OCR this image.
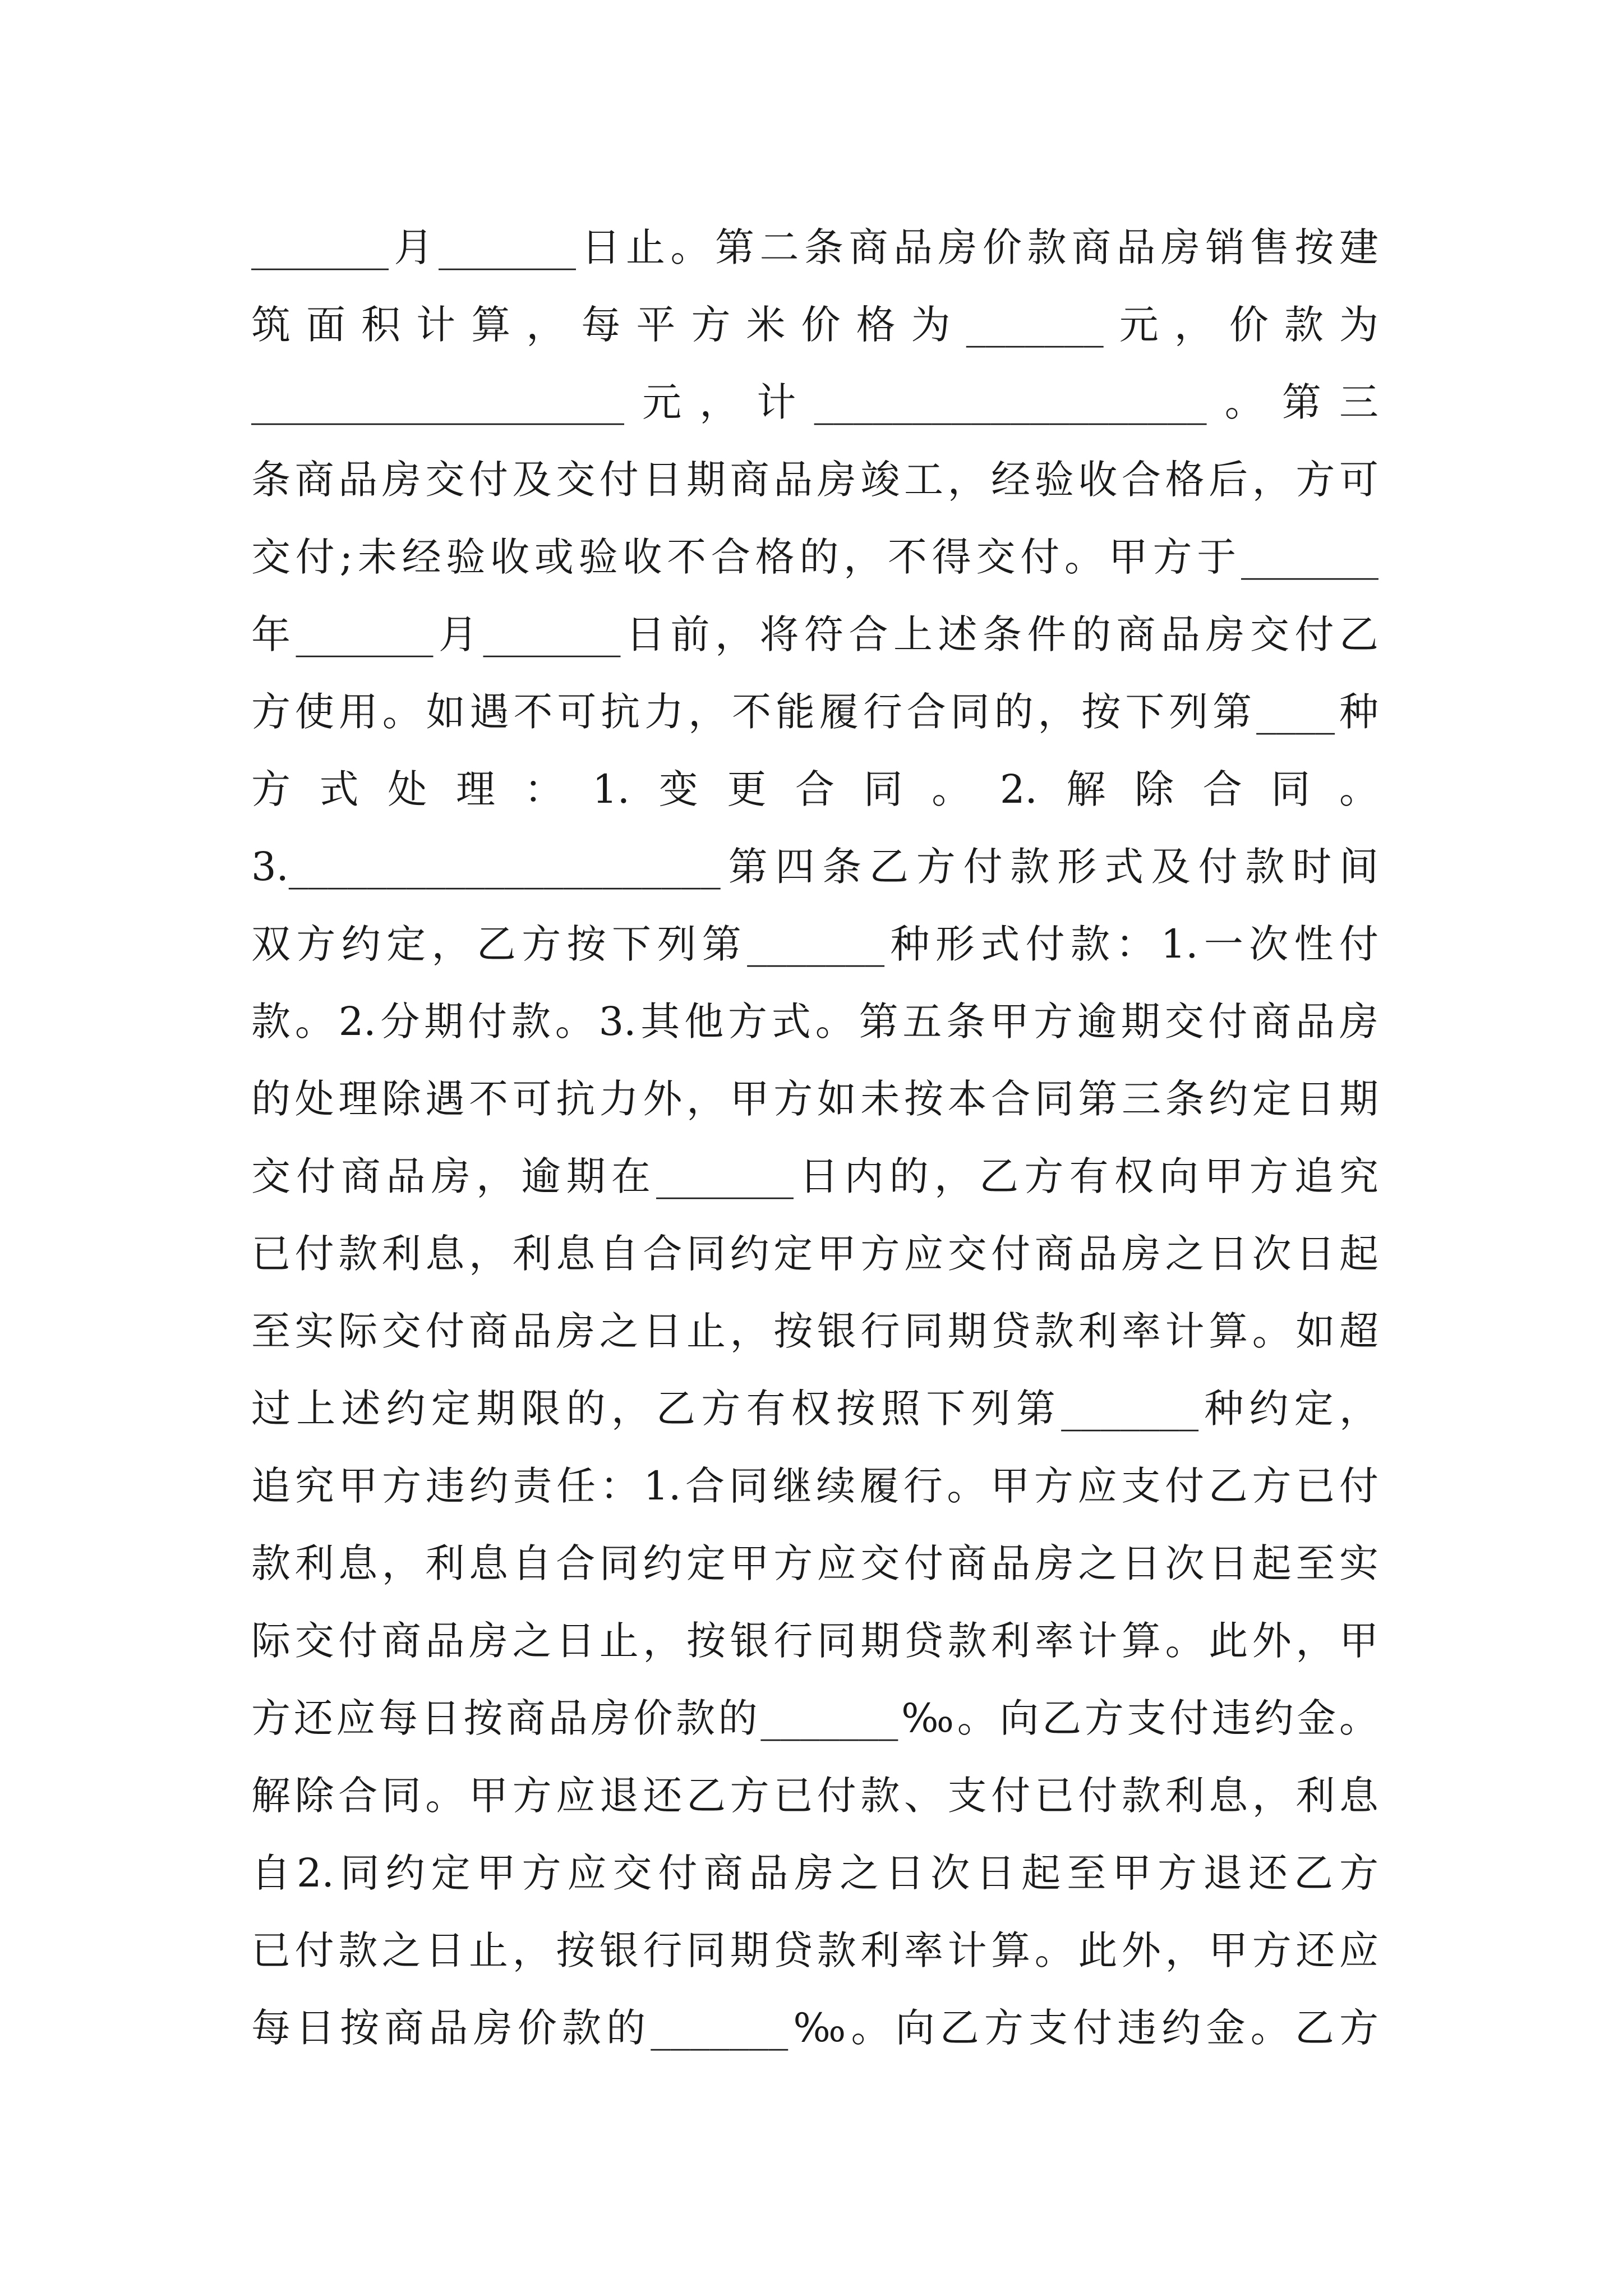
_______月_______日止。第二条商品房价款商品房销售按建
筑面积计算，每平方米价格为_______元，价款为
___________________元，计____________________。第三
条商品房交付及交付日期商品房竣工，经验收合格后，方可
交付;未经验收或验收不合格的，不得交付。甲方于_______
年_______月_______日前，将符合上述条件的商品房交付乙
方使用。如遇不可抗力，不能履行合同的，按下列第____种
方式处理：1.变更合同。2.解除合同。
3.______________________第四条乙方付款形式及付款时间
双方约定，乙方按下列第_______种形式付款：1.一次性付
款。2.分期付款。3.其他方式。第五条甲方逾期交付商品房
的处理除遇不可抗力外，甲方如未按本合同第三条约定日期
交付商品房，逾期在_______日内的，乙方有权向甲方追究
已付款利息，利息自合同约定甲方应交付商品房之日次日起
至实际交付商品房之日止，按银行同期贷款利率计算。如超
过上述约定期限的，乙方有权按照下列第_______种约定，
追究甲方违约责任：1.合同继续履行。甲方应支付乙方已付
款利息，利息自合同约定甲方应交付商品房之日次日起至实
际交付商品房之日止，按银行同期贷款利率计算。此外，甲
方还应每日按商品房价款的_______‰。向乙方支付违约金。
解除合同。甲方应退还乙方已付款、支付已付款利息，利息
自2.同约定甲方应交付商品房之日次日起至甲方退还乙方
已付款之日止，按银行同期贷款利率计算。此外，甲方还应
每日按商品房价款的_______‰。向乙方支付违约金。乙方
